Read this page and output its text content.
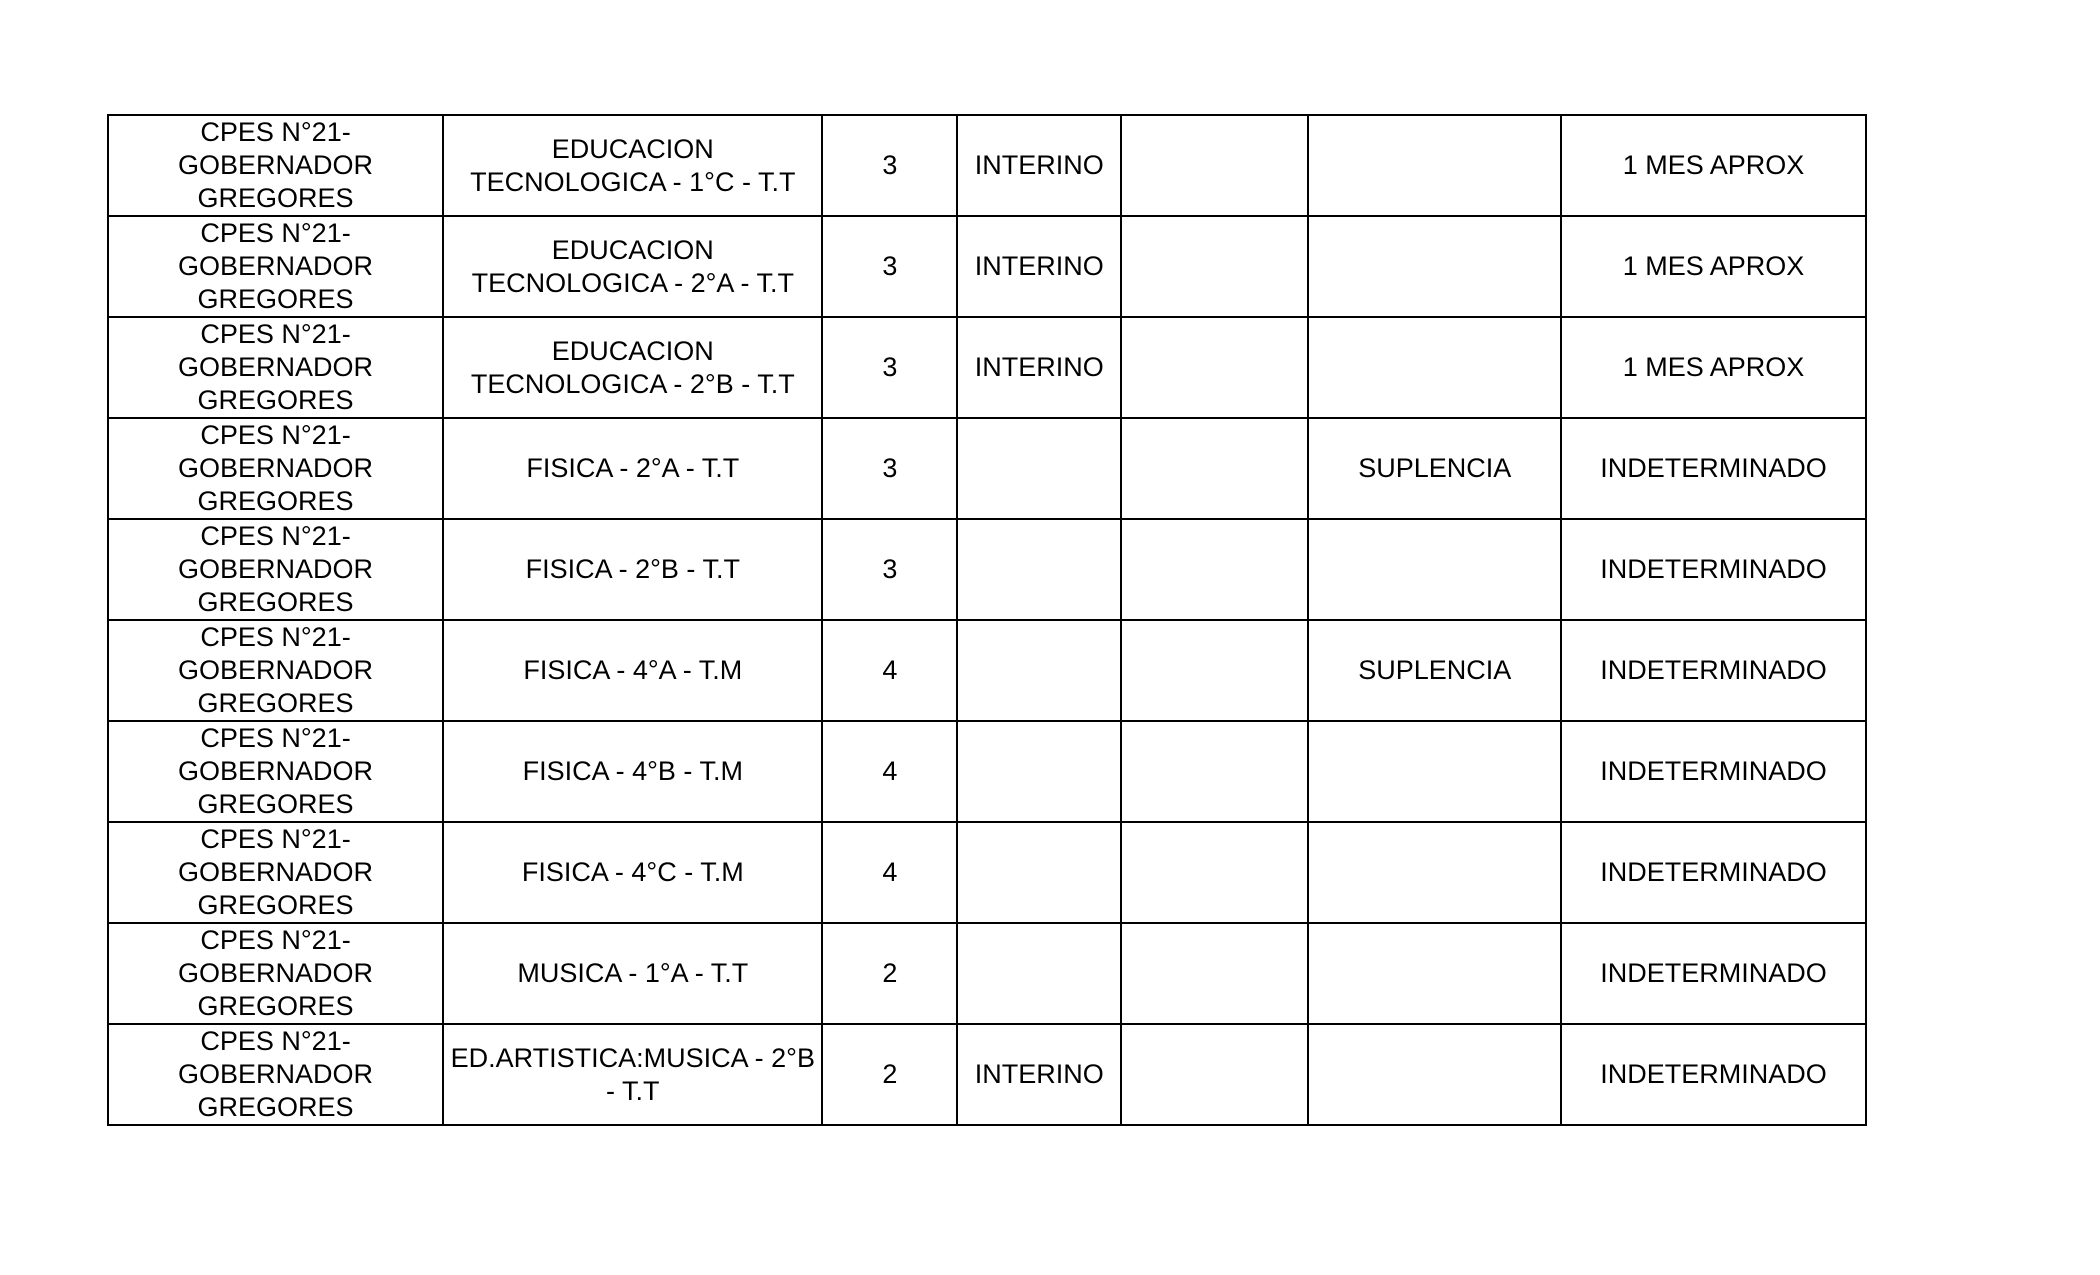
CPES N°21- GOBERNADOR GREGORES	EDUCACION TECNOLOGICA - 1°C - T.T	3	INTERINO			1 MES APROX
CPES N°21- GOBERNADOR GREGORES	EDUCACION TECNOLOGICA - 2°A - T.T	3	INTERINO			1 MES APROX
CPES N°21- GOBERNADOR GREGORES	EDUCACION TECNOLOGICA - 2°B - T.T	3	INTERINO			1 MES APROX
CPES N°21- GOBERNADOR GREGORES	FISICA - 2°A - T.T	3			SUPLENCIA	INDETERMINADO
CPES N°21- GOBERNADOR GREGORES	FISICA - 2°B - T.T	3				INDETERMINADO
CPES N°21- GOBERNADOR GREGORES	FISICA - 4°A - T.M	4			SUPLENCIA	INDETERMINADO
CPES N°21- GOBERNADOR GREGORES	FISICA - 4°B - T.M	4				INDETERMINADO
CPES N°21- GOBERNADOR GREGORES	FISICA - 4°C - T.M	4				INDETERMINADO
CPES N°21- GOBERNADOR GREGORES	MUSICA - 1°A - T.T	2				INDETERMINADO
CPES N°21- GOBERNADOR GREGORES	ED.ARTISTICA:MUSICA - 2°B - T.T	2	INTERINO			INDETERMINADO
